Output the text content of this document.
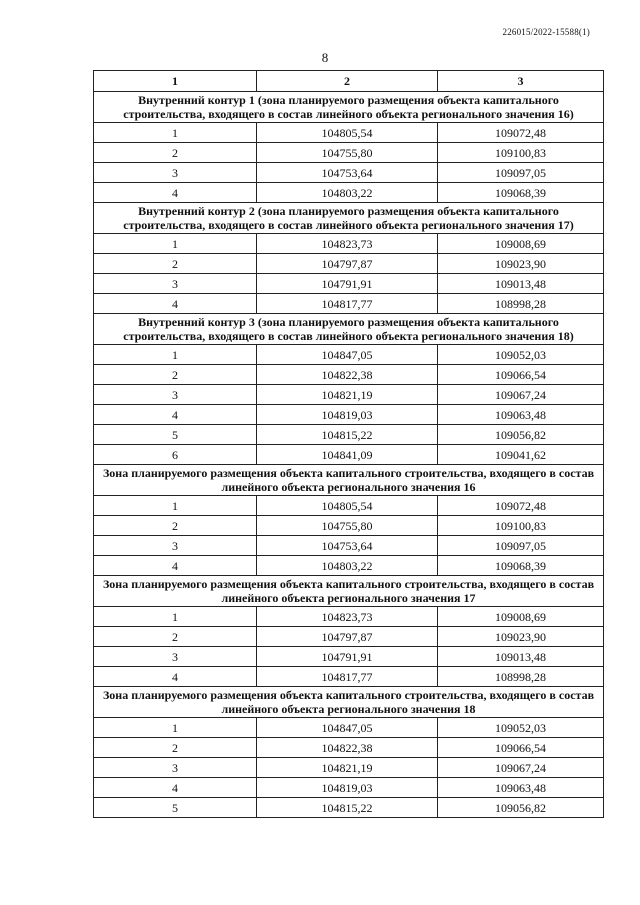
226015/2022-15588(1)
8
1	2	3
Внутренний контур 1 (зона планируемого размещения объекта капитального строительства, входящего в состав линейного объекта регионального значения 16)		
1	104805,54	109072,48
2	104755,80	109100,83
3	104753,64	109097,05
4	104803,22	109068,39
Внутренний контур 2 (зона планируемого размещения объекта капитального строительства, входящего в состав линейного объекта регионального значения 17)		
1	104823,73	109008,69
2	104797,87	109023,90
3	104791,91	109013,48
4	104817,77	108998,28
Внутренний контур 3 (зона планируемого размещения объекта капитального строительства, входящего в состав линейного объекта регионального значения 18)		
1	104847,05	109052,03
2	104822,38	109066,54
3	104821,19	109067,24
4	104819,03	109063,48
5	104815,22	109056,82
6	104841,09	109041,62
Зона планируемого размещения объекта капитального строительства, входящего в состав линейного объекта регионального значения 16		
1	104805,54	109072,48
2	104755,80	109100,83
3	104753,64	109097,05
4	104803,22	109068,39
Зона планируемого размещения объекта капитального строительства, входящего в состав линейного объекта регионального значения 17		
1	104823,73	109008,69
2	104797,87	109023,90
3	104791,91	109013,48
4	104817,77	108998,28
Зона планируемого размещения объекта капитального строительства, входящего в состав линейного объекта регионального значения 18		
1	104847,05	109052,03
2	104822,38	109066,54
3	104821,19	109067,24
4	104819,03	109063,48
5	104815,22	109056,82
